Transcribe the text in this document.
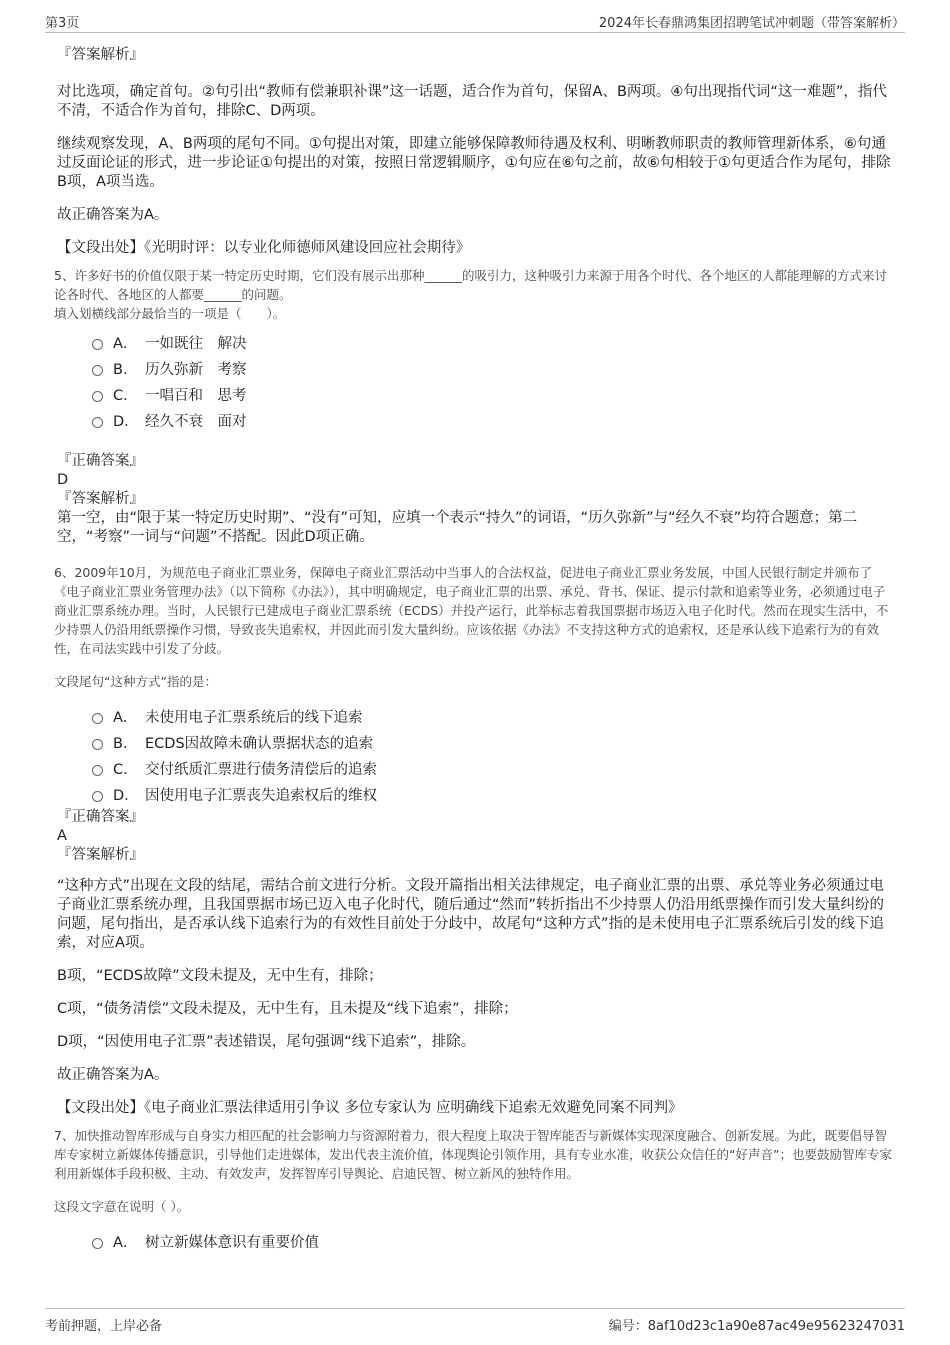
第3页	2024年长春鼎鸿集团招聘笔试冲刺题（带答案解析）

『答案解析』

对比选项，确定首句。②句引出“教师有偿兼职补课”这一话题，适合作为首句，保留A、B两项。④句出现指代词“这一难题”，指代不清，不适合作为首句，排除C、D两项。

继续观察发现，A、B两项的尾句不同。①句提出对策，即建立能够保障教师待遇及权利、明晰教师职责的教师管理新体系，⑥句通过反面论证的形式，进一步论证①句提出的对策，按照日常逻辑顺序，①句应在⑥句之前，故⑥句相较于①句更适合作为尾句，排除B项，A项当选。

故正确答案为A。

【文段出处】《光明时评：以专业化师德师风建设回应社会期待》

5、许多好书的价值仅限于某一特定历史时期，它们没有展示出那种______的吸引力，这种吸引力来源于用各个时代、各个地区的人都能理解的方式来讨论各时代、各地区的人都要______的问题。

填入划横线部分最恰当的一项是（　　）。

A． 一如既往　解决
B． 历久弥新　考察
C． 一唱百和　思考
D． 经久不衰　面对

『正确答案』

D

『答案解析』

第一空，由“限于某一特定历史时期”、“没有”可知，应填一个表示“持久”的词语，“历久弥新”与“经久不衰”均符合题意；第二空，“考察”一词与“问题”不搭配。因此D项正确。

6、2009年10月，为规范电子商业汇票业务，保障电子商业汇票活动中当事人的合法权益，促进电子商业汇票业务发展，中国人民银行制定并颁布了《电子商业汇票业务管理办法》（以下简称《办法》），其中明确规定，电子商业汇票的出票、承兑、背书、保证、提示付款和追索等业务，必须通过电子商业汇票系统办理。当时，人民银行已建成电子商业汇票系统（ECDS）并投产运行，此举标志着我国票据市场迈入电子化时代。然而在现实生活中，不少持票人仍沿用纸票操作习惯，导致丧失追索权，并因此而引发大量纠纷。应该依据《办法》不支持这种方式的追索权，还是承认线下追索行为的有效性，在司法实践中引发了分歧。

文段尾句“这种方式”指的是：

A． 未使用电子汇票系统后的线下追索
B． ECDS因故障未确认票据状态的追索
C． 交付纸质汇票进行债务清偿后的追索
D． 因使用电子汇票丧失追索权后的维权

『正确答案』

A

『答案解析』

“这种方式”出现在文段的结尾，需结合前文进行分析。文段开篇指出相关法律规定，电子商业汇票的出票、承兑等业务必须通过电子商业汇票系统办理，且我国票据市场已迈入电子化时代，随后通过“然而”转折指出不少持票人仍沿用纸票操作而引发大量纠纷的问题，尾句指出，是否承认线下追索行为的有效性目前处于分歧中，故尾句“这种方式”指的是未使用电子汇票系统后引发的线下追索，对应A项。

B项，“ECDS故障”文段未提及，无中生有，排除；

C项，“债务清偿”文段未提及，无中生有，且未提及“线下追索”，排除；

D项，“因使用电子汇票”表述错误，尾句强调“线下追索”，排除。

故正确答案为A。

【文段出处】《电子商业汇票法律适用引争议 多位专家认为 应明确线下追索无效避免同案不同判》

7、加快推动智库形成与自身实力相匹配的社会影响力与资源附着力，很大程度上取决于智库能否与新媒体实现深度融合、创新发展。为此，既要倡导智库专家树立新媒体传播意识，引导他们走进媒体，发出代表主流价值，体现舆论引领作用，具有专业水准，收获公众信任的“好声音”；也要鼓励智库专家利用新媒体手段积极、主动、有效发声，发挥智库引导舆论、启迪民智、树立新风的独特作用。

这段文字意在说明（ ）。

A． 树立新媒体意识有重要价值
考前押题，上岸必备	编号：8af10d23c1a90e87ac49e95623247031
